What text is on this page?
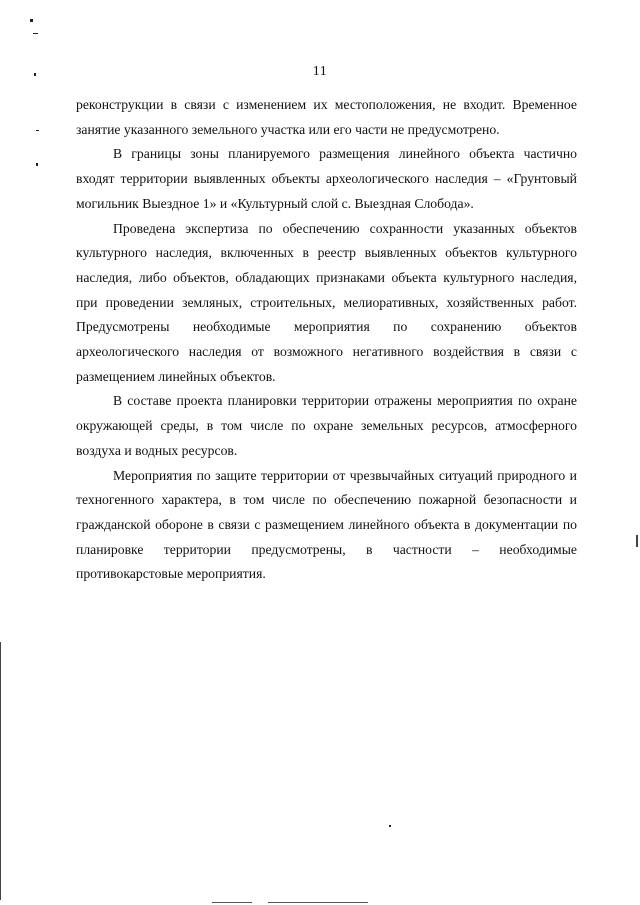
11

реконструкции в связи с изменением их местоположения, не входит. Временное занятие указанного земельного участка или его части не предусмотрено.

В границы зоны планируемого размещения линейного объекта частично входят территории выявленных объекты археологического наследия – «Грунтовый могильник Выездное 1» и «Культурный слой с. Выездная Слобода».

Проведена экспертиза по обеспечению сохранности указанных объектов культурного наследия, включенных в реестр выявленных объектов культурного наследия, либо объектов, обладающих признаками объекта культурного наследия, при проведении земляных, строительных, мелиоративных, хозяйственных работ. Предусмотрены необходимые мероприятия по сохранению объектов археологического наследия от возможного негативного воздействия в связи с размещением линейных объектов.

В составе проекта планировки территории отражены мероприятия по охране окружающей среды, в том числе по охране земельных ресурсов, атмосферного воздуха и водных ресурсов.

Мероприятия по защите территории от чрезвычайных ситуаций природного и техногенного характера, в том числе по обеспечению пожарной безопасности и гражданской обороне в связи с размещением линейного объекта в документации по планировке территории предусмотрены, в частности – необходимые противокарстовые мероприятия.
